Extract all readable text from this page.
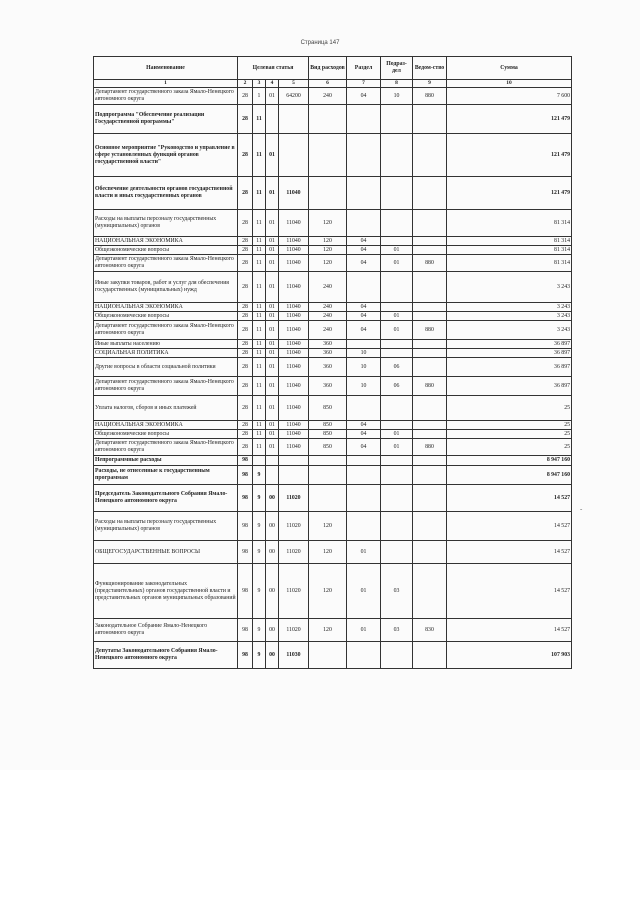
Страница 147
Наименование	Целевая статья				Вид расходов	Раздел	Подраз-дел	Ведом-ство	Сумма
1	2	3	4	5	6	7	8	9	10
Департамент государственного заказа Ямало-Ненецкого автономного округа	28	1	01	64200	240	04	10	880	7 600
Подпрограмма "Обеспечение реализации Государственной программы"	28	11							121 479
Основное мероприятие "Руководство и управление в сфере установленных функций органов государственной власти"	28	11	01						121 479
Обеспечение деятельности органов государственной власти и иных государственных органов	28	11	01	11040					121 479
Расходы на выплаты персоналу государственных (муниципальных) органов	28	11	01	11040	120				81 314
НАЦИОНАЛЬНАЯ ЭКОНОМИКА	28	11	01	11040	120	04			81 314
Общеэкономические вопросы	28	11	01	11040	120	04	01		81 314
Департамент государственного заказа Ямало-Ненецкого автономного округа	28	11	01	11040	120	04	01	880	81 314
Иные закупки товаров, работ и услуг для обеспечения государственных (муниципальных) нужд	28	11	01	11040	240				3 243
НАЦИОНАЛЬНАЯ ЭКОНОМИКА	28	11	01	11040	240	04			3 243
Общеэкономические вопросы	28	11	01	11040	240	04	01		3 243
Департамент государственного заказа Ямало-Ненецкого автономного округа	28	11	01	11040	240	04	01	880	3 243
Иные выплаты населению	28	11	01	11040	360				36 897
СОЦИАЛЬНАЯ ПОЛИТИКА	28	11	01	11040	360	10			36 897
Другие вопросы в области социальной политики	28	11	01	11040	360	10	06		36 897
Департамент государственного заказа Ямало-Ненецкого автономного округа	28	11	01	11040	360	10	06	880	36 897
Уплата налогов, сборов и иных платежей	28	11	01	11040	850				25
НАЦИОНАЛЬНАЯ ЭКОНОМИКА	28	11	01	11040	850	04			25
Общеэкономические вопросы	28	11	01	11040	850	04	01		25
Департамент государственного заказа Ямало-Ненецкого автономного округа	28	11	01	11040	850	04	01	880	25
Непрограммные расходы	98								8 947 160
Расходы, не отнесенные к государственным программам	98	9							8 947 160
Председатель Законодательного Собрания Ямало-Ненецкого автономного округа	98	9	00	11020					14 527
Расходы на выплаты персоналу государственных (муниципальных) органов	98	9	00	11020	120				14 527
ОБЩЕГОСУДАРСТВЕННЫЕ ВОПРОСЫ	98	9	00	11020	120	01			14 527
Функционирование законодательных (представительных) органов государственной власти и представительных органов муниципальных образований	98	9	00	11020	120	01	03		14 527
Законодательное Собрание Ямало-Ненецкого автономного округа	98	9	00	11020	120	01	03	830	14 527
Депутаты Законодательного Собрания Ямало-Ненецкого автономного округа	98	9	00	11030					107 903
-
